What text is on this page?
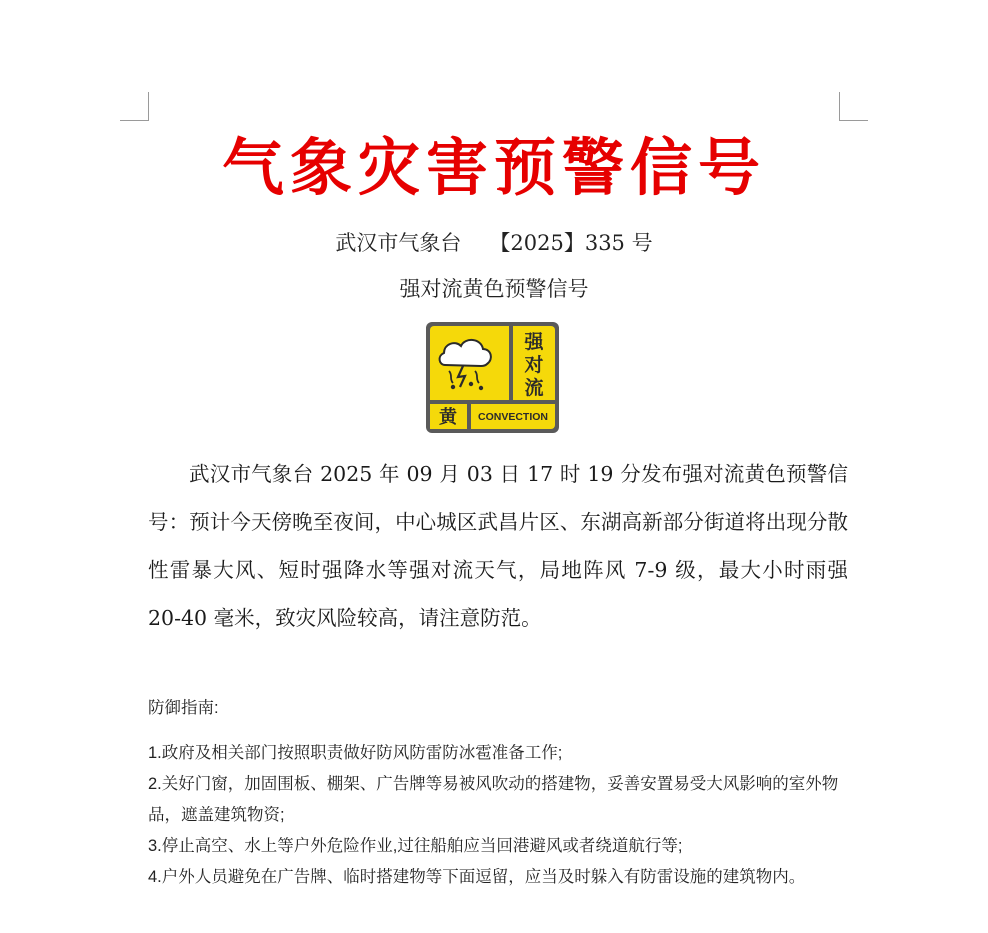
气象灾害预警信号
武汉市气象台 【2025】335 号
强对流黄色预警信号
强
对
流
黄 CONVECTION
武汉市气象台 2025 年 09 月 03 日 17 时 19 分发布强对流黄色预警信号：预计今天傍晚至夜间，中心城区武昌片区、东湖高新部分街道将出现分散性雷暴大风、短时强降水等强对流天气，局地阵风 7-9 级，最大小时雨强 20-40 毫米，致灾风险较高，请注意防范。
防御指南:
1.政府及相关部门按照职责做好防风防雷防冰雹准备工作;
2.关好门窗，加固围板、棚架、广告牌等易被风吹动的搭建物，妥善安置易受大风影响的室外物品，遮盖建筑物资;
3.停止高空、水上等户外危险作业,过往船舶应当回港避风或者绕道航行等;
4.户外人员避免在广告牌、临时搭建物等下面逗留，应当及时躲入有防雷设施的建筑物内。
